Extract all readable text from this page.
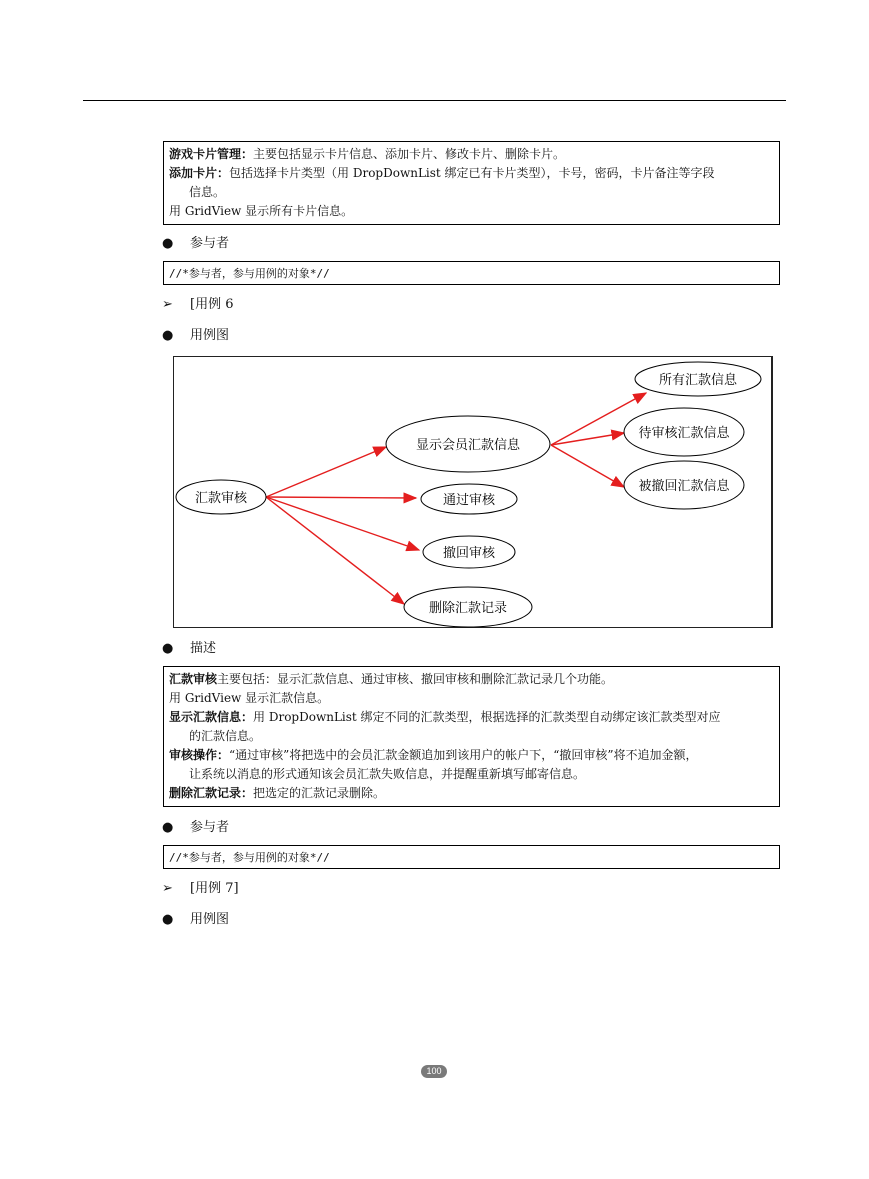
游戏卡片管理：主要包括显示卡片信息、添加卡片、修改卡片、删除卡片。

添加卡片：包括选择卡片类型（用 DropDownList 绑定已有卡片类型），卡号，密码，卡片备注等字段

信息。

用 GridView 显示所有卡片信息。

● 参与者
//*参与者，参与用例的对象*//
➢ [用例 6
● 用例图
汇款审核
显示会员汇款信息
通过审核
撤回审核
删除汇款记录
所有汇款信息
待审核汇款信息
被撤回汇款信息
● 描述

汇款审核主要包括：显示汇款信息、通过审核、撤回审核和删除汇款记录几个功能。

用 GridView 显示汇款信息。

显示汇款信息：用 DropDownList 绑定不同的汇款类型，根据选择的汇款类型自动绑定该汇款类型对应

的汇款信息。

审核操作：“通过审核”将把选中的会员汇款金额追加到该用户的帐户下，“撤回审核”将不追加金额，

让系统以消息的形式通知该会员汇款失败信息，并提醒重新填写邮寄信息。

删除汇款记录：把选定的汇款记录删除。

● 参与者
//*参与者，参与用例的对象*//
➢ [用例 7]
● 用例图
100
